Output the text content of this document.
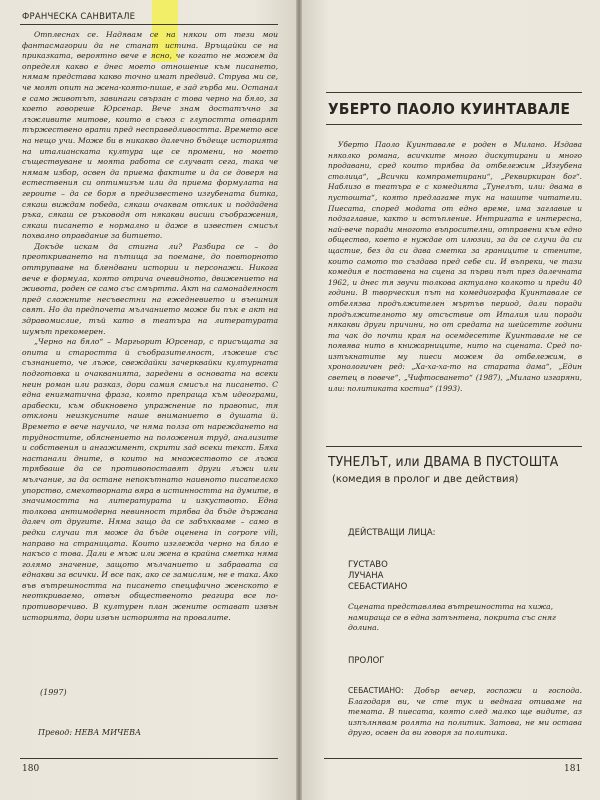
ФРАНЧЕСКА САНВИТАЛЕ

Отплеснах се. Надявам се на някои от тези мои фантасмагории да не станат истина. Връщайки се на приказката, вероятно вече е ясно, че когато не можем да определя какво е днес моето отношение към писането, нямам представа какво точно имат предвид. Струва ми се, че моят опит на жена-която-пише, е зад гърба ми. Останал е само животът, завинаги свързан с това черно на бяло, за което говореше Юрсенар. Вече знам достатъчно за лъжливите митове, които в съюз с глупостта отварят тържествено врати пред несправедливостта. Времето все на нещо учи. Може би в никакво далечно бъдеще историята на италианската култура ще се промени, но моето съществуване и моята работа се случват сега, така че нямам избор, освен да приема фактите и да се доверя на естествения си оптимизъм или да приема формулата на героите – да се боря в предизвестено изгубената битка, сякаш виждам победа, сякаш очаквам отклик и поддаденa ръка, сякаш се ръководя от някакви висши съображения, сякаш писането е нормално и даже в известен смисъл похвално оправдание за битието.

Докъде искам да стигна ли? Разбира се – до преоткриването на пътища за поемане, до повторното оттрупване на блендвани истории и персонажи. Никога вече е формула, която отрича очевидното, движението на живота, роден се само със смъртта. Акт на самонадеяност пред сложните несъвестни на ежедневието и външния свят. Но да предпочета мълчанието може би пък е акт на здравомислие, тъй като в театъра на литературата шумът прекомерен.

„Черно на бяло“ – Маргьорит Юрсенар, с присъщата за опита и старостта й съобразителност, лъжеше със съзнанието, че лъже, свеждайки зачерквайки културната подготовка и очакванията, заредени в основата на всеки неин роман или разказ, дори самия смисъл на писането. С една енигматична фраза, която препраща към идеограми, арабески, към обикновено упражнение по правопис, тя отклони неизкусните наше вниманието в душата й. Времето е вече научило, че няма полза от нареждането на трудностите, обяснението на положения труд, анализите и собствения и ангажимент, скрити зад всеки текст. Бяха настанали дните, в които на множеството се лъжа трябваше да се противопоставят други лъжи или мълчание, за да остане непокътнато наивното писателско упорство, смехотворната вяра в истинността на думите, в значимостта на литературата и изкуството. Една толкова антимодерна невинност трябва да бъде държана далеч от другите. Няма защо да се забъхкваме – само в редки случаи тя може да бъде оценена in corpore vili, направо на страницата. Които изглежда черно на бяло е накъсо с това. Дали е мъж или жена в крайна сметка няма голямо значение, защото мълчанието и забравата са еднакви за всички. И все пак, ако се замислим, не е така. Ако във вътрешността на писането специфично женското е неоткриваемо, отвън общественото реагира все по-противоречиво. В културен план жените остават извън историята, дори извън историята на провалите.

(1997)
Превод: НЕВА МИЧЕВА
180
УБЕРТО ПАОЛО КУИНТАВАЛЕ

Уберто Паоло Куинтавале е роден в Милано. Издава няколко романа, всичките много дискутирани и много продавани, сред които трябва да отбележим „Изгубена столица“, „Всички компрометирани“, „Реквиркиран бог“. Наблизо в театъра е с комедията „Тунелът, или: двама в пустошта“, която предлагаме тук на нашите читатели. Пиесата, според модата от едно време, има заглавие и подзаглавие, както и встъпление. Интригата е интересна, най-вече поради многото въпросителни, отправени към едно общество, което е нуждае от илюзии, за да се случи да си щастие, без да си дава сметка за границите и стените, които самото то създава пред себе си. И въпреки, че тази комедия е поставена на сцена за първи път през далечната 1962, и днес тя звучи толкова актуално колкото и преди 40 години. В творческия път на комедиографа Куинтавале се отбелязва продължителен мъртъв период, дали поради продължителното му отсъствие от Италия или поради някакви други причини, но от средата на шейсетте години та чак до почти края на осемдесетте Куинтавале не се появява нито в книжарниците, нито на сцената. Сред по-изтъкнатите му пиеси можем да отбележим, в хронологичен ред: „Ха-ха-ха-то на старата дама“, „Един светец в повече“, „Чифтосването“ (1987), „Милано изгаряни, или: политиката костиа“ (1993).

ТУНЕЛЪТ, или ДВАМА В ПУСТОШТА
(комедия в пролог и две действия)
ДЕЙСТВАЩИ ЛИЦА:
ГУСТАВО
ЛУЧАНА
СЕБАСТИАНО
Сцената представлява вътрешността на хижа, намираща се в една затънтена, покрита със сняг долина.
ПРОЛОГ

СЕБАСТИАНО: Добър вечер, госпожи и господа. Благодаря ви, че сте тук и веднага отиваме на темата. В пиесата, която след малко ще видите, аз изпълнявам ролята на политик. Затова, не ми остава друго, освен да ви говоря за политика.

181
